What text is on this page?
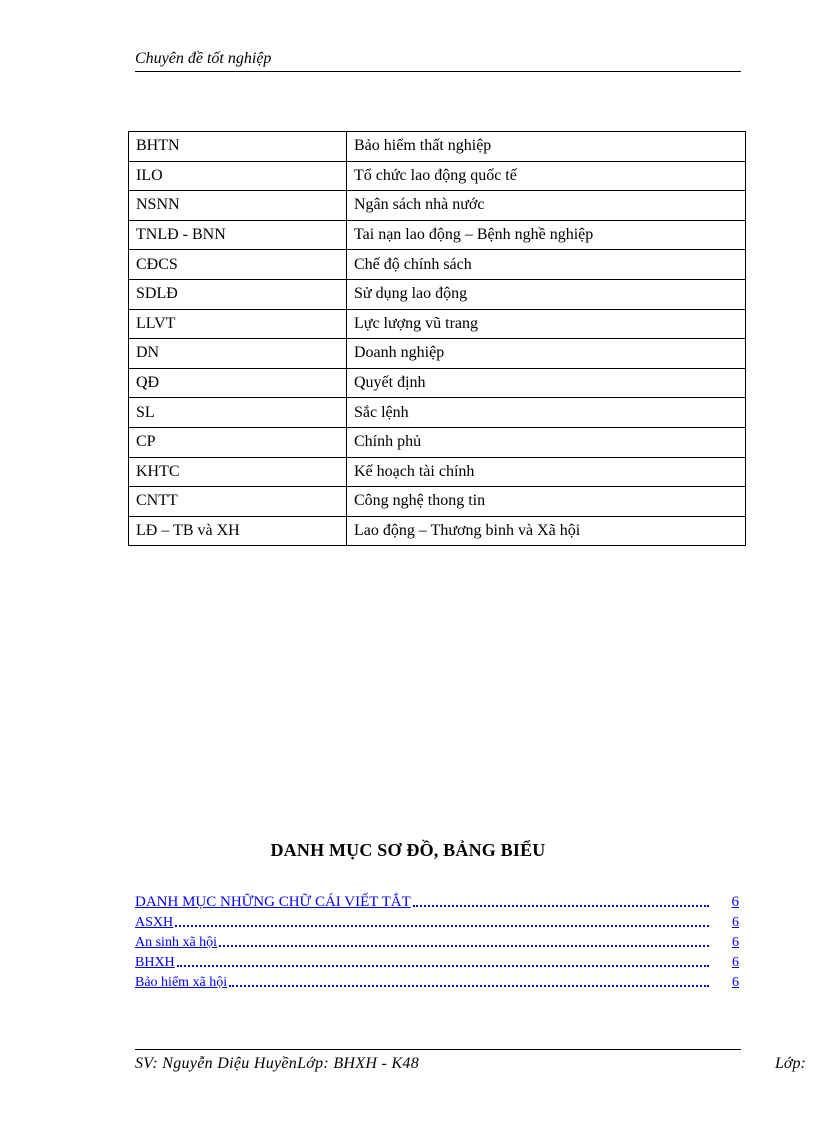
Chuyên đề tốt nghiệp
BHTN	Bảo hiểm thất nghiệp
ILO	Tổ chức lao động quốc tế
NSNN	Ngân sách nhà nước
TNLĐ - BNN	Tai nạn lao động – Bệnh nghề nghiệp
CĐCS	Chế độ chính sách
SDLĐ	Sử dụng lao động
LLVT	Lực lượng vũ trang
DN	Doanh nghiệp
QĐ	Quyết định
SL	Sắc lệnh
CP	Chính phủ
KHTC	Kế hoạch tài chính
CNTT	Công nghệ thong tin
LĐ – TB và XH	Lao động – Thương binh và Xã hội
DANH MỤC SƠ ĐỒ, BẢNG BIỂU
DANH MỤC NHỮNG CHỮ CÁI VIẾT TẮT	6
ASXH	6
An sinh xã hội	6
BHXH	6
Bảo hiểm xã hội	6
SV: Nguyễn Diệu HuyềnLớp: BHXH - K48	Lớp:
